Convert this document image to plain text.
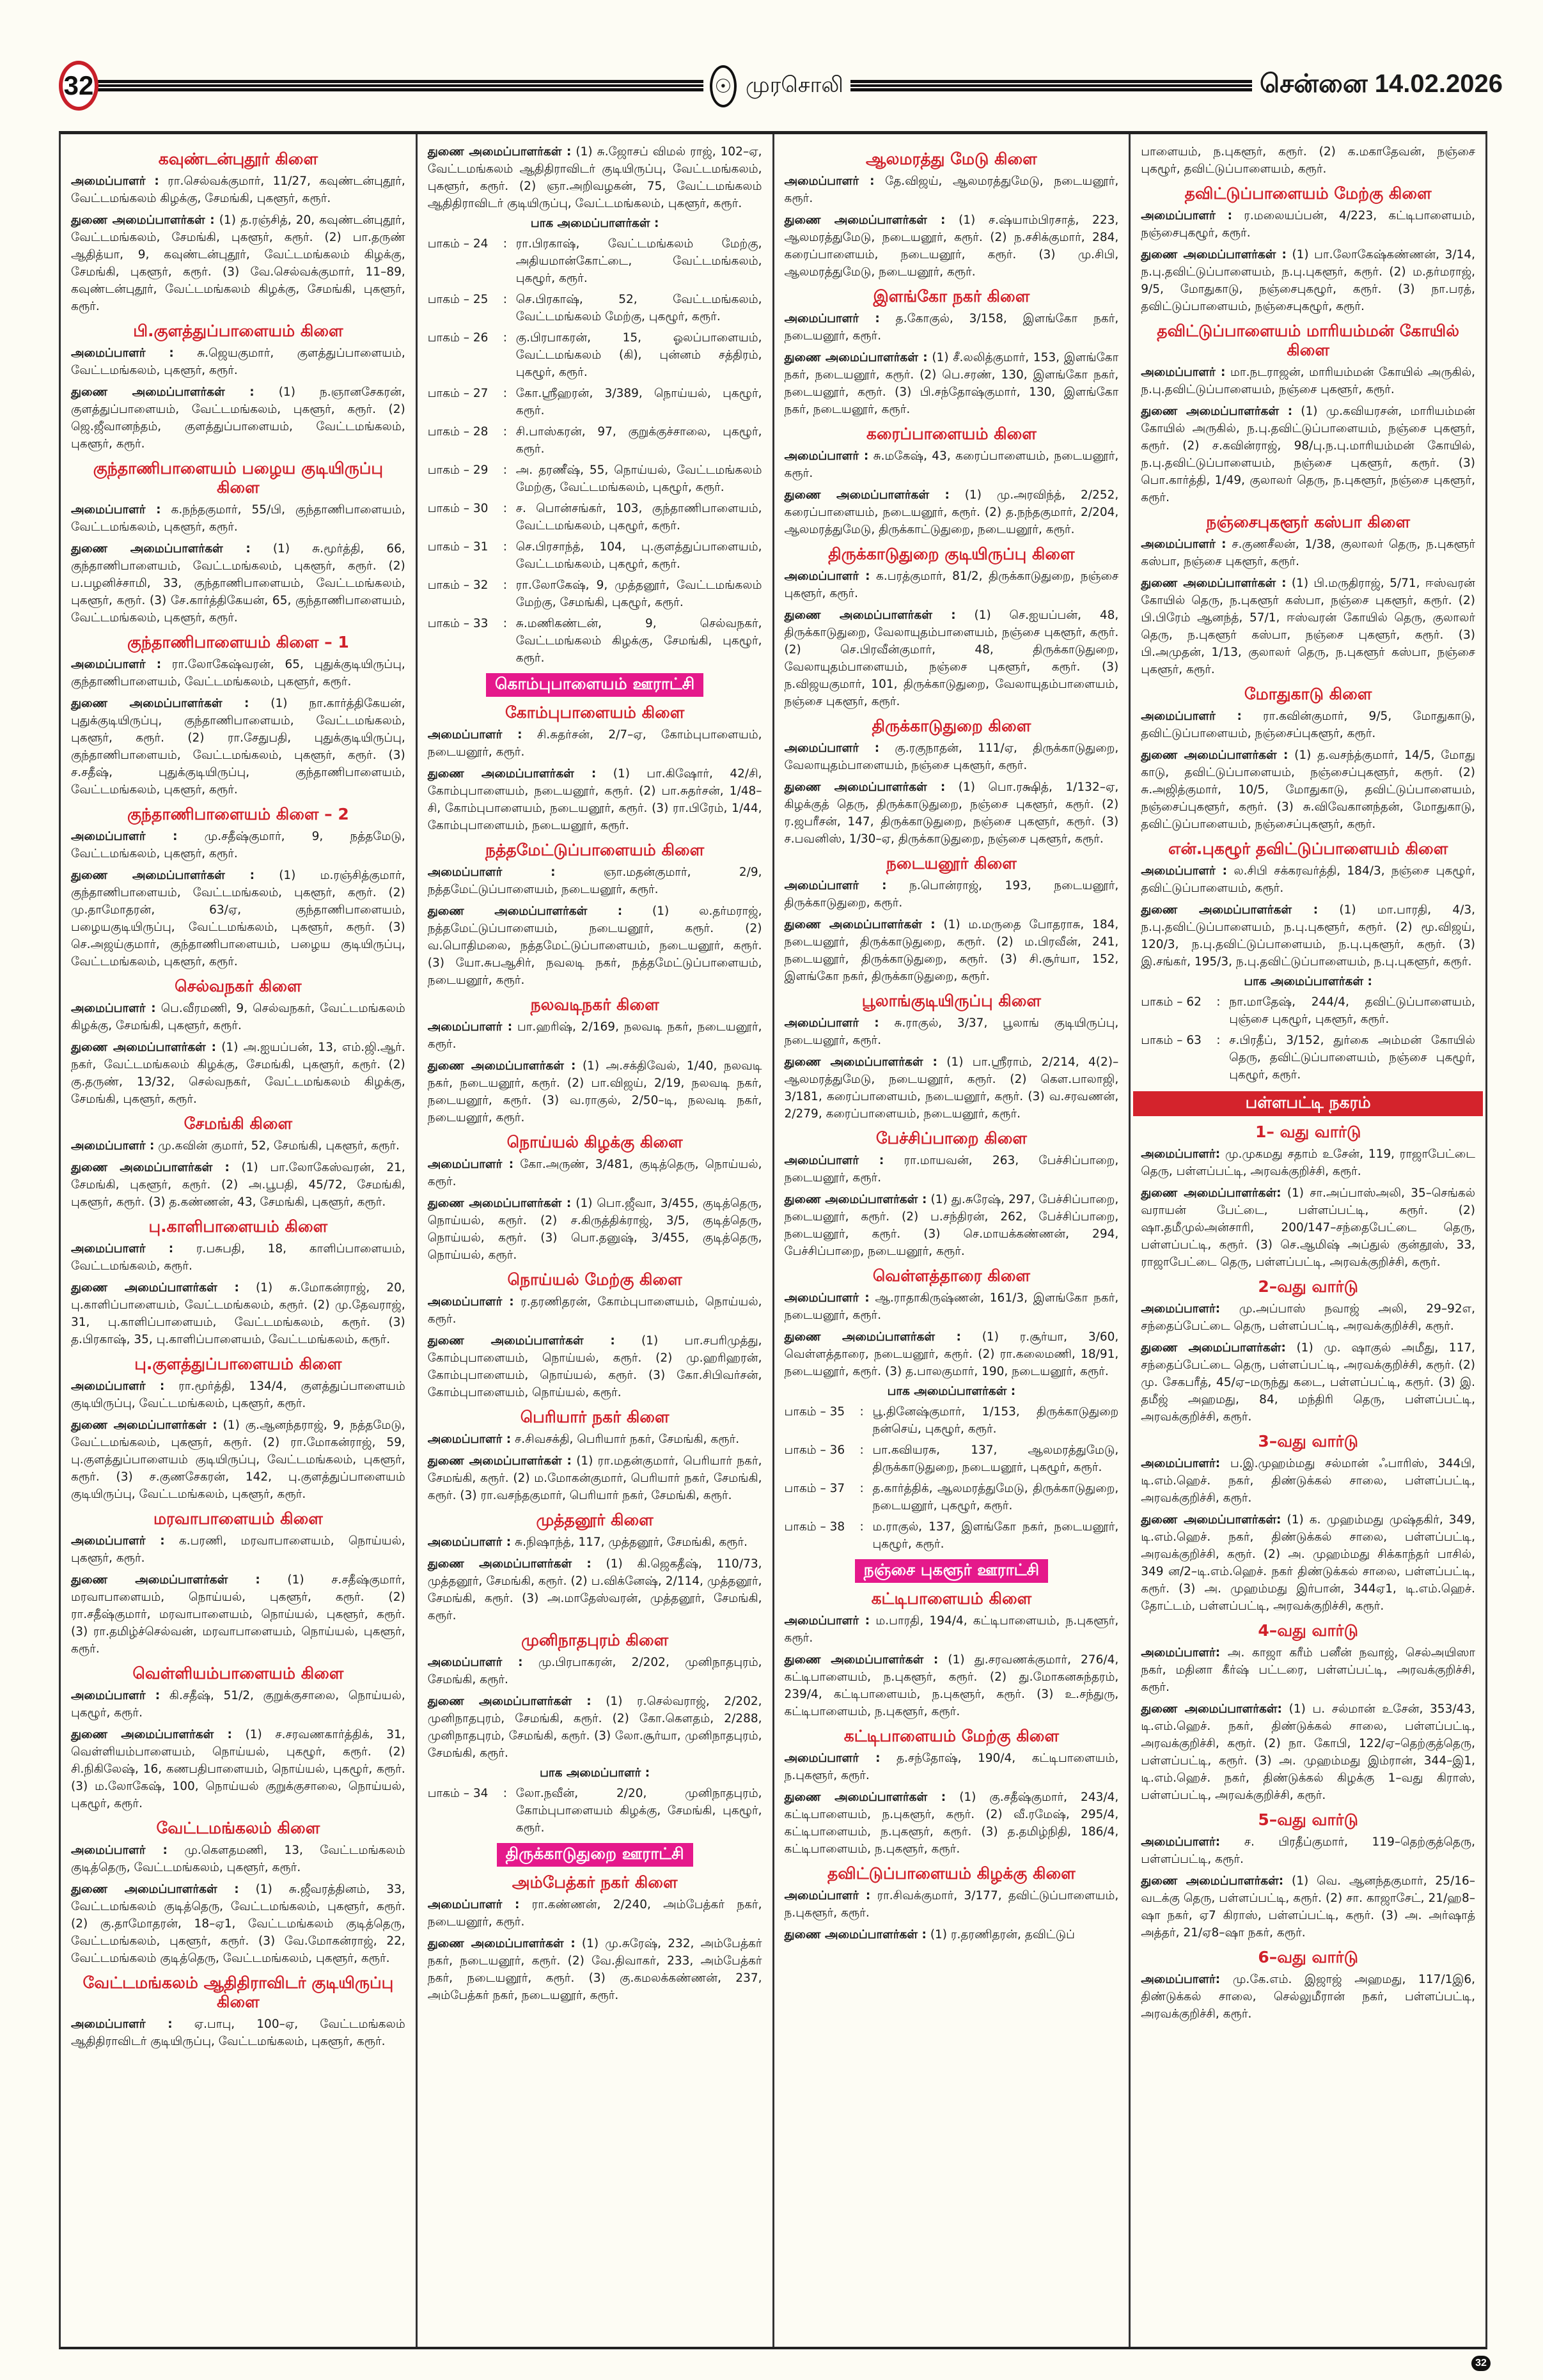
32	☉ முரசொலி	சென்னை 14.02.2026
கவுண்டன்புதூர் கிளை

அமைப்பாளர் : ரா.செல்வக்குமார், 11/27, கவுண்டன்புதூர், வேட்டமங்கலம் கிழக்கு, சேமங்கி, புகளூர், கரூர்.

துணை அமைப்பாளர்கள் : (1) த.ரஞ்சித், 20, கவுண்டன்புதூர், வேட்டமங்கலம், சேமங்கி, புகளூர், கரூர். (2) பா.தருண் ஆதித்யா, 9, கவுண்டன்புதூர், வேட்டமங்கலம் கிழக்கு, சேமங்கி, புகளூர், கரூர். (3) வே.செல்வக்குமார், 11–89, கவுண்டன்புதூர், வேட்டமங்கலம் கிழக்கு, சேமங்கி, புகளூர், கரூர்.

பி.குளத்துப்பாளையம் கிளை

அமைப்பாளர் : சு.ஜெயகுமார், குளத்துப்பாளையம், வேட்டமங்கலம், புகளூர், கரூர்.

துணை அமைப்பாளர்கள் : (1) ந.ஞானசேகரன், குளத்துப்பாளையம், வேட்டமங்கலம், புகளூர், கரூர். (2) ஜெ.ஜீவானந்தம், குளத்துப்பாளையம், வேட்டமங்கலம், புகளூர், கரூர்.

குந்தாணிபாளையம் பழைய குடியிருப்பு கிளை

அமைப்பாளர் : க.நந்தகுமார், 55/பி, குந்தாணிபாளையம், வேட்டமங்கலம், புகளூர், கரூர்.

துணை அமைப்பாளர்கள் : (1) சு.மூர்த்தி, 66, குந்தாணிபாளையம், வேட்டமங்கலம், புகளூர், கரூர். (2) ப.பழனிச்சாமி, 33, குந்தாணிபாளையம், வேட்டமங்கலம், புகளூர், கரூர். (3) சே.கார்த்திகேயன், 65, குந்தாணிபாளையம், வேட்டமங்கலம், புகளூர், கரூர்.

குந்தாணிபாளையம் கிளை – 1

அமைப்பாளர் : ரா.லோகேஷ்வரன், 65, புதுக்குடியிருப்பு, குந்தாணிபாளையம், வேட்டமங்கலம், புகளூர், கரூர்.

துணை அமைப்பாளர்கள் : (1) நா.கார்த்திகேயன், புதுக்குடியிருப்பு, குந்தாணிபாளையம், வேட்டமங்கலம், புகளூர், கரூர். (2) ரா.சேதுபதி, புதுக்குடியிருப்பு, குந்தாணிபாளையம், வேட்டமங்கலம், புகளூர், கரூர். (3) ச.சதீஷ், புதுக்குடியிருப்பு, குந்தாணிபாளையம், வேட்டமங்கலம், புகளூர், கரூர்.

குந்தாணிபாளையம் கிளை – 2

அமைப்பாளர் : மு.சதீஷ்குமார், 9, நத்தமேடு, வேட்டமங்கலம், புகளூர், கரூர்.

துணை அமைப்பாளர்கள் : (1) ம.ரஞ்சித்குமார், குந்தாணிபாளையம், வேட்டமங்கலம், புகளூர், கரூர். (2) மு.தாமோதரன், 63/ஏ, குந்தாணிபாளையம், பழையகுடியிருப்பு, வேட்டமங்கலம், புகளூர், கரூர். (3) செ.அஜய்குமார், குந்தாணிபாளையம், பழைய குடியிருப்பு, வேட்டமங்கலம், புகளூர், கரூர்.

செல்வநகர் கிளை

அமைப்பாளர் : பெ.வீரமணி, 9, செல்வநகர், வேட்டமங்கலம் கிழக்கு, சேமங்கி, புகளூர், கரூர்.

துணை அமைப்பாளர்கள் : (1) அ.ஐயப்பன், 13, எம்.ஜி.ஆர். நகர், வேட்டமங்கலம் கிழக்கு, சேமங்கி, புகளூர், கரூர். (2) கு.தருண், 13/32, செல்வநகர், வேட்டமங்கலம் கிழக்கு, சேமங்கி, புகளூர், கரூர்.

சேமங்கி கிளை

அமைப்பாளர் : மு.கவின் குமார், 52, சேமங்கி, புகளூர், கரூர்.

துணை அமைப்பாளர்கள் : (1) பா.லோகேஸ்வரன், 21, சேமங்கி, புகளூர், கரூர். (2) அ.பூபதி, 45/72, சேமங்கி, புகளூர், கரூர். (3) த.கண்ணன், 43, சேமங்கி, புகளூர், கரூர்.

பு.காளிபாளையம் கிளை

அமைப்பாளர் : ர.பசுபதி, 18, காளிப்பாளையம், வேட்டமங்கலம், கரூர்.

துணை அமைப்பாளர்கள் : (1) சு.மோகன்ராஜ், 20, பு.காளிப்பாளையம், வேட்டமங்கலம், கரூர். (2) மு.தேவராஜ், 31, பு.காளிப்பாளையம், வேட்டமங்கலம், கரூர். (3) த.பிரகாஷ், 35, பு.காளிப்பாளையம், வேட்டமங்கலம், கரூர்.

பு.குளத்துப்பாளையம் கிளை

அமைப்பாளர் : ரா.மூர்த்தி, 134/4, குளத்துப்பாளையம் குடியிருப்பு, வேட்டமங்கலம், புகளூர், கரூர்.

துணை அமைப்பாளர்கள் : (1) கு.ஆனந்தராஜ், 9, நத்தமேடு, வேட்டமங்கலம், புகளூர், கரூர். (2) ரா.மோகன்ராஜ், 59, பு.குளத்துப்பாளையம் குடியிருப்பு, வேட்டமங்கலம், புகளூர், கரூர். (3) ச.குணசேகரன், 142, பு.குளத்துப்பாளையம் குடியிருப்பு, வேட்டமங்கலம், புகளூர், கரூர்.

மரவாபாளையம் கிளை

அமைப்பாளர் : க.பரணி, மரவாபாளையம், நொய்யல், புகளூர், கரூர்.

துணை அமைப்பாளர்கள் : (1) ச.சதீஷ்குமார், மரவாபாளையம், நொய்யல், புகளூர், கரூர். (2) ரா.சதீஷ்குமார், மரவாபாளையம், நொய்யல், புகளூர், கரூர். (3) ரா.தமிழ்ச்செல்வன், மரவாபாளையம், நொய்யல், புகளூர், கரூர்.

வெள்ளியம்பாளையம் கிளை

அமைப்பாளர் : கி.சதீஷ், 51/2, குறுக்குசாலை, நொய்யல், புகழூர், கரூர்.

துணை அமைப்பாளர்கள் : (1) ச.சரவணகார்த்திக், 31, வெள்ளியம்பாளையம், நொய்யல், புகழூர், கரூர். (2) சி.நிகிலேஷ், 16, கணபதிபாளையம், நொய்யல், புகழூர், கரூர். (3) ம.லோகேஷ், 100, நொய்யல் குறுக்குசாலை, நொய்யல், புகழூர், கரூர்.

வேட்டமங்கலம் கிளை

அமைப்பாளர் : மு.கௌதமணி, 13, வேட்டமங்கலம் குடித்தெரு, வேட்டமங்கலம், புகளூர், கரூர்.

துணை அமைப்பாளர்கள் : (1) சு.ஜீவரத்தினம், 33, வேட்டமங்கலம் குடித்தெரு, வேட்டமங்கலம், புகளூர், கரூர். (2) கு.தாமோதரன், 18–ஏ1, வேட்டமங்கலம் குடித்தெரு, வேட்டமங்கலம், புகளூர், கரூர். (3) வே.மோகன்ராஜ், 22, வேட்டமங்கலம் குடித்தெரு, வேட்டமங்கலம், புகளூர், கரூர்.

வேட்டமங்கலம் ஆதிதிராவிடர் குடியிருப்பு கிளை

அமைப்பாளர் : ஏ.பாபு, 100–ஏ, வேட்டமங்கலம் ஆதிதிராவிடர் குடியிருப்பு, வேட்டமங்கலம், புகளூர், கரூர்.

துணை அமைப்பாளர்கள் : (1) சு.ஜோசப் விமல் ராஜ், 102–ஏ, வேட்டமங்கலம் ஆதிதிராவிடர் குடியிருப்பு, வேட்டமங்கலம், புகளூர், கரூர். (2) ஞா.அறிவழகன், 75, வேட்டமங்கலம் ஆதிதிராவிடர் குடியிருப்பு, வேட்டமங்கலம், புகளூர், கரூர்.

பாக அமைப்பாளர்கள் :
பாகம் – 24	: ரா.பிரகாஷ், வேட்டமங்கலம் மேற்கு, அதியமான்கோட்டை, வேட்டமங்கலம், புகழூர், கரூர்.
பாகம் – 25	: செ.பிரகாஷ், 52, வேட்டமங்கலம், வேட்டமங்கலம் மேற்கு, புகழூர், கரூர்.
பாகம் – 26	: கு.பிரபாகரன், 15, ஓலப்பாளையம், வேட்டமங்கலம் (கி), புன்னம் சத்திரம், புகழூர், கரூர்.
பாகம் – 27	: கோ.ஸ்ரீஹரன், 3/389, நொய்யல், புகழூர், கரூர்.
பாகம் – 28	: சி.பாஸ்கரன், 97, குறுக்குச்சாலை, புகழூர், கரூர்.
பாகம் – 29	: அ. தரணீஷ், 55, நொய்யல், வேட்டமங்கலம் மேற்கு, வேட்டமங்கலம், புகழூர், கரூர்.
பாகம் – 30	: ச. பொன்சங்கர், 103, குந்தாணிபாளையம், வேட்டமங்கலம், புகழூர், கரூர்.
பாகம் – 31	: செ.பிரசாந்த், 104, பு.குளத்துப்பாளையம், வேட்டமங்கலம், புகழூர், கரூர்.
பாகம் – 32	: ரா.லோகேஷ், 9, முத்தனூர், வேட்டமங்கலம் மேற்கு, சேமங்கி, புகழூர், கரூர்.
பாகம் – 33	: சு.மணிகண்டன், 9, செல்வநகர், வேட்டமங்கலம் கிழக்கு, சேமங்கி, புகழூர், கரூர்.
கொம்புபாளையம் ஊராட்சி
கோம்புபாளையம் கிளை

அமைப்பாளர் : சி.சுதர்சன், 2/7–ஏ, கோம்புபாளையம், நடையனூர், கரூர்.

துணை அமைப்பாளர்கள் : (1) பா.கிஷோர், 42/சி, கோம்புபாளையம், நடையனூர், கரூர். (2) பா.சுதர்சன், 1/48–சி, கோம்புபாளையம், நடையனூர், கரூர். (3) ரா.பிரேம், 1/44, கோம்புபாளையம், நடையனூர், கரூர்.

நத்தமேட்டுப்பாளையம் கிளை

அமைப்பாளர் :	ஞா.மதன்குமார், 2/9, நத்தமேட்டுப்பாளையம், நடையனூர், கரூர்.

துணை அமைப்பாளர்கள் :	(1) ல.தர்மராஜ், நத்தமேட்டுப்பாளையம், நடையனூர், கரூர். (2) வ.பொதிமலை, நத்தமேட்டுப்பாளையம், நடையனூர், கரூர். (3) யோ.சுபஆசிர், நவலடி நகர், நத்தமேட்டுப்பாளையம், நடையனூர், கரூர்.

நலவடிநகர் கிளை

அமைப்பாளர் : பா.ஹரிஷ், 2/169, நலவடி நகர், நடையனூர், கரூர்.

துணை அமைப்பாளர்கள் : (1) அ.சக்திவேல், 1/40, நலவடி நகர், நடையனூர், கரூர். (2) பா.விஜய், 2/19, நலவடி நகர், நடையனூர், கரூர். (3) வ.ராகுல், 2/50–டி, நலவடி நகர், நடையனூர், கரூர்.

நொய்யல் கிழக்கு கிளை

அமைப்பாளர் : கோ.அருண், 3/481, குடித்தெரு, நொய்யல், கரூர்.

துணை அமைப்பாளர்கள் : (1) பொ.ஜீவா, 3/455, குடித்தெரு, நொய்யல், கரூர். (2) ச.கிருத்திக்ராஜ், 3/5, குடித்தெரு, நொய்யல், கரூர். (3) பொ.தனுஷ், 3/455, குடித்தெரு, நொய்யல், கரூர்.

நொய்யல் மேற்கு கிளை

அமைப்பாளர் : ர.தரணிதரன், கோம்புபாளையம், நொய்யல், கரூர்.

துணை அமைப்பாளர்கள் : (1) பா.சபரிமுத்து, கோம்புபாளையம், நொய்யல், கரூர். (2) மு.ஹரிஹரன், கோம்புபாளையம், நொய்யல், கரூர். (3) கோ.சிபிவர்சன், கோம்புபாளையம், நொய்யல், கரூர்.

பெரியார் நகர் கிளை

அமைப்பாளர் : ச.சிவசக்தி, பெரியார் நகர், சேமங்கி, கரூர்.

துணை அமைப்பாளர்கள் : (1) ரா.மதன்குமார், பெரியார் நகர், சேமங்கி, கரூர். (2) ம.மோகன்குமார், பெரியார் நகர், சேமங்கி, கரூர். (3) ரா.வசந்தகுமார், பெரியார் நகர், சேமங்கி, கரூர்.

முத்தனூர் கிளை

அமைப்பாளர் : சு.நிஷாந்த், 117, முத்தனூர், சேமங்கி, கரூர்.

துணை அமைப்பாளர்கள் : (1) கி.ஜெகதீஷ், 110/73, முத்தனூர், சேமங்கி, கரூர். (2) ப.விக்னேஷ், 2/114, முத்தனூர், சேமங்கி, கரூர். (3) அ.மாதேஸ்வரன், முத்தனூர், சேமங்கி, கரூர்.

முனிநாதபுரம் கிளை

அமைப்பாளர் : மு.பிரபாகரன், 2/202, முனிநாதபுரம், சேமங்கி, கரூர்.

துணை அமைப்பாளர்கள் : (1) ர.செல்வராஜ், 2/202, முனிநாதபுரம், சேமங்கி, கரூர். (2) கோ.கௌதம், 2/288, முனிநாதபுரம், சேமங்கி, கரூர். (3) லோ.சூர்யா, முனிநாதபுரம், சேமங்கி, கரூர்.

பாக அமைப்பாளர் :
பாகம் – 34	: லோ.நவீன், 2/20, முனிநாதபுரம், கோம்புபாளையம் கிழக்கு, சேமங்கி, புகழூர், கரூர்.
திருக்காடுதுறை ஊராட்சி
அம்பேத்கர் நகர் கிளை

அமைப்பாளர் : ரா.கண்ணன், 2/240, அம்பேத்கர் நகர், நடையனூர், கரூர்.

துணை அமைப்பாளர்கள் : (1) மு.சுரேஷ், 232, அம்பேத்கர் நகர், நடையனூர், கரூர். (2) வே.திவாகர், 233, அம்பேத்கர் நகர், நடையனூர், கரூர். (3) கு.கமலக்கண்ணன், 237, அம்பேத்கர் நகர், நடையனூர், கரூர்.

ஆலமரத்து மேடு கிளை

அமைப்பாளர் : தே.விஜய், ஆலமரத்துமேடு, நடையனூர், கரூர்.

துணை அமைப்பாளர்கள் : (1) ச.ஷ்யாம்பிரசாத், 223, ஆலமரத்துமேடு, நடையனூர், கரூர். (2) ந.சசிக்குமார், 284, கரைப்பாளையம், நடையனூர், கரூர். (3) மு.சிபி, ஆலமரத்துமேடு, நடையனூர், கரூர்.

இளங்கோ நகர் கிளை

அமைப்பாளர் : த.கோகுல், 3/158, இளங்கோ நகர், நடையனூர், கரூர்.

துணை அமைப்பாளர்கள் : (1) சீ.லலித்குமார், 153, இளங்கோ நகர், நடையனூர், கரூர். (2) பெ.சரண், 130, இளங்கோ நகர், நடையனூர், கரூர். (3) பி.சந்தோஷ்குமார், 130, இளங்கோ நகர், நடையனூர், கரூர்.

கரைப்பாளையம் கிளை

அமைப்பாளர் : சு.மகேஷ், 43, கரைப்பாளையம், நடையனூர், கரூர்.

துணை அமைப்பாளர்கள் : (1) மு.அரவிந்த், 2/252, கரைப்பாளையம், நடையனூர், கரூர். (2) த.நந்தகுமார், 2/204, ஆலமரத்துமேடு, திருக்காட்டுதுறை, நடையனூர், கரூர்.

திருக்காடுதுறை குடியிருப்பு கிளை

அமைப்பாளர் : க.பரத்குமார், 81/2, திருக்காடுதுறை, நஞ்சை புகளூர், கரூர்.

துணை அமைப்பாளர்கள் : (1) செ.ஐயப்பன், 48, திருக்காடுதுறை, வேலாயுதம்பாளையம், நஞ்சை புகளூர், கரூர். (2) செ.பிரவீன்குமார், 48, திருக்காடுதுறை, வேலாயுதம்பாளையம், நஞ்சை புகளூர், கரூர். (3) ந.விஜயகுமார், 101, திருக்காடுதுறை, வேலாயுதம்பாளையம், நஞ்சை புகளூர், கரூர்.

திருக்காடுதுறை கிளை

அமைப்பாளர் : கு.ரகுநாதன், 111/ஏ, திருக்காடுதுறை, வேலாயுதம்பாளையம், நஞ்சை புகளூர், கரூர்.

துணை அமைப்பாளர்கள் : (1) பொ.ரக்ஷித், 1/132–ஏ, கிழக்குத் தெரு, திருக்காடுதுறை, நஞ்சை புகளூர், கரூர். (2) ர.ஜபரீசன், 147, திருக்காடுதுறை, நஞ்சை புகளூர், கரூர். (3) ச.பவனிஸ், 1/30–ஏ, திருக்காடுதுறை, நஞ்சை புகளூர், கரூர்.

நடையனூர் கிளை

அமைப்பாளர் : ந.பொன்ராஜ், 193, நடையனூர், திருக்காடுதுறை, கரூர்.

துணை அமைப்பாளர்கள் : (1) ம.மருதை போதராசு, 184, நடையனூர், திருக்காடுதுறை, கரூர். (2) ம.பிரவீன், 241, நடையனூர், திருக்காடுதுறை, கரூர். (3) சி.சூர்யா, 152, இளங்கோ நகர், திருக்காடுதுறை, கரூர்.

பூலாங்குடியிருப்பு கிளை

அமைப்பாளர் : சு.ராகுல், 3/37, பூலாங் குடியிருப்பு, நடையனூர், கரூர்.

துணை அமைப்பாளர்கள் : (1) பா.ஸ்ரீராம், 2/214, 4(2)–ஆலமரத்துமேடு, நடையனூர், கரூர். (2) கௌ.பாலாஜி, 3/181, கரைப்பாளையம், நடையனூர், கரூர். (3) வ.சரவணன், 2/279, கரைப்பாளையம், நடையனூர், கரூர்.

பேச்சிப்பாறை கிளை

அமைப்பாளர் : ரா.மாயவன், 263, பேச்சிப்பாறை, நடையனூர், கரூர்.

துணை அமைப்பாளர்கள் : (1) து.சுரேஷ், 297, பேச்சிப்பாறை, நடையனூர், கரூர். (2) ப.சந்திரன், 262, பேச்சிப்பாறை, நடையனூர், கரூர். (3) செ.மாயக்கண்ணன், 294, பேச்சிப்பாறை, நடையனூர், கரூர்.

வெள்ளத்தாரை கிளை

அமைப்பாளர் : ஆ.ராதாகிருஷ்ணன், 161/3, இளங்கோ நகர், நடையனூர், கரூர்.

துணை அமைப்பாளர்கள் : (1) ர.சூர்யா, 3/60, வெள்ளத்தாரை, நடையனூர், கரூர். (2) ரா.கலைமணி, 18/91, நடையனூர், கரூர். (3) த.பாலகுமார், 190, நடையனூர், கரூர்.

பாக அமைப்பாளர்கள் :
பாகம் – 35	: பூ.தினேஷ்குமார், 1/153, திருக்காடுதுறை நன்செய், புகழூர், கரூர்.
பாகம் – 36	: பா.கவியரசு, 137, ஆலமரத்துமேடு, திருக்காடுதுறை, நடையனூர், புகழூர், கரூர்.
பாகம் – 37	: த.கார்த்திக், ஆலமரத்துமேடு, திருக்காடுதுறை, நடையனூர், புகழூர், கரூர்.
பாகம் – 38	: ம.ராகுல், 137, இளங்கோ நகர், நடையனூர், புகழூர், கரூர்.
நஞ்சை புகளூர் ஊராட்சி
கட்டிபாளையம் கிளை

அமைப்பாளர் : ம.பாரதி, 194/4, கட்டிபாளையம், ந.புகளூர், கரூர்.

துணை அமைப்பாளர்கள் : (1) து.சரவணக்குமார், 276/4, கட்டிபாளையம், ந.புகளூர், கரூர். (2) து.மோகனசுந்தரம், 239/4, கட்டிபாளையம், ந.புகளூர், கரூர். (3) உ.சந்துரு, கட்டிபாளையம், ந.புகளூர், கரூர்.

கட்டிபாளையம் மேற்கு கிளை

அமைப்பாளர் : த.சந்தோஷ், 190/4, கட்டிபாளையம், ந.புகளூர், கரூர்.

துணை அமைப்பாளர்கள் : (1) கு.சதீஷ்குமார், 243/4, கட்டிபாளையம், ந.புகளூர், கரூர். (2) வீ.ரமேஷ், 295/4, கட்டிபாளையம், ந.புகளூர், கரூர். (3) த.தமிழ்நிதி, 186/4, கட்டிபாளையம், ந.புகளூர், கரூர்.

தவிட்டுப்பாளையம் கிழக்கு கிளை

அமைப்பாளர் : ரா.சிவக்குமார், 3/177, தவிட்டுப்பாளையம், ந.புகளூர், கரூர்.

துணை அமைப்பாளர்கள் : (1) ர.தரணிதரன், தவிட்டுப்

பாளையம், ந.புகளூர், கரூர். (2) க.மகாதேவன், நஞ்சை புகழூர், தவிட்டுப்பாளையம், கரூர்.

தவிட்டுப்பாளையம் மேற்கு கிளை

அமைப்பாளர் : ர.மலையப்பன், 4/223, கட்டிபாளையம், நஞ்சைபுகழூர், கரூர்.

துணை அமைப்பாளர்கள் : (1) பா.லோகேஷ்கண்ணன், 3/14, ந.பு.தவிட்டுப்பாளையம், ந.பு.புகளூர், கரூர். (2) ம.தர்மராஜ், 9/5, மோதுகாடு, நஞ்சைபுகழூர், கரூர். (3) நா.பரத், தவிட்டுப்பாளையம், நஞ்சைபுகழூர், கரூர்.

தவிட்டுப்பாளையம் மாரியம்மன் கோயில் கிளை

அமைப்பாளர் : மா.நடராஜன், மாரியம்மன் கோயில் அருகில், ந.பு.தவிட்டுப்பாளையம், நஞ்சை புகளூர், கரூர்.

துணை அமைப்பாளர்கள் : (1) மு.கவியரசன், மாரியம்மன் கோயில் அருகில், ந.பு.தவிட்டுப்பாளையம், நஞ்சை புகளூர், கரூர். (2) ச.கவின்ராஜ், 98/பு.ந.பு.மாரியம்மன் கோயில், ந.பு.தவிட்டுப்பாளையம், நஞ்சை புகளூர், கரூர். (3) பொ.கார்த்தி, 1/49, குலாலர் தெரு, ந.புகளூர், நஞ்சை புகளூர், கரூர்.

நஞ்சைபுகளூர் கஸ்பா கிளை

அமைப்பாளர் : ச.குணசீலன், 1/38, குலாலர் தெரு, ந.புகளூர் கஸ்பா, நஞ்சை புகளூர், கரூர்.

துணை அமைப்பாளர்கள் : (1) பி.மருதிராஜ், 5/71, ஈஸ்வரன் கோயில் தெரு, ந.புகளூர் கஸ்பா, நஞ்சை புகளூர், கரூர். (2) பி.பிரேம் ஆனந்த், 57/1, ஈஸ்வரன் கோயில் தெரு, குலாலர் தெரு, ந.புகளூர் கஸ்பா, நஞ்சை புகளூர், கரூர். (3) பி.அமுதன், 1/13, குலாலர் தெரு, ந.புகளூர் கஸ்பா, நஞ்சை புகளூர், கரூர்.

மோதுகாடு கிளை

அமைப்பாளர் : ரா.கவின்குமார், 9/5, மோதுகாடு, தவிட்டுப்பாளையம், நஞ்சைப்புகளூர், கரூர்.

துணை அமைப்பாளர்கள் : (1) த.வசந்த்குமார், 14/5, மோது காடு, தவிட்டுப்பாளையம், நஞ்சைப்புகளூர், கரூர். (2) சு.அஜித்குமார், 10/5, மோதுகாடு, தவிட்டுப்பாளையம், நஞ்சைப்புகளூர், கரூர். (3) சு.விவேகானந்தன், மோதுகாடு, தவிட்டுப்பாளையம், நஞ்சைப்புகளூர், கரூர்.

என்.புகழூர் தவிட்டுப்பாளையம் கிளை

அமைப்பாளர் : ல.சிபி சக்கரவர்த்தி, 184/3, நஞ்சை புகழூர், தவிட்டுப்பாளையம், கரூர்.

துணை அமைப்பாளர்கள் : (1) மா.பாரதி, 4/3, ந.பு.தவிட்டுப்பாளையம், ந.பு.புகளூர், கரூர். (2) மூ.விஜய், 120/3, ந.பு.தவிட்டுப்பாளையம், ந.பு.புகளூர், கரூர். (3) இ.சங்கர், 195/3, ந.பு.தவிட்டுப்பாளையம், ந.பு.புகளூர், கரூர்.

பாக அமைப்பாளர்கள் :
பாகம் – 62	: நா.மாதேஷ், 244/4, தவிட்டுப்பாளையம், புஞ்சை புகழூர், புகளூர், கரூர்.
பாகம் – 63	: ச.பிரதீப், 3/152, துர்கை அம்மன் கோயில் தெரு, தவிட்டுப்பாளையம், நஞ்சை புகழூர், புகழூர், கரூர்.
பள்ளபட்டி நகரம்
1– வது வார்டு

அமைப்பாளர்: மு.முகமது சதாம் உசேன், 119, ராஜாபேட்டை தெரு, பள்ளப்பட்டி, அரவக்குறிச்சி, கரூர்.

துணை அமைப்பாளர்கள்: (1) சா.அப்பாஸ்அலி, 35–செங்கல் வராயன் பேட்டை, பள்ளப்பட்டி, கரூர். (2) ஷா.தமீமுல்அன்சாரி, 200/147–சந்தைபேட்டை தெரு, பள்ளப்பட்டி, கரூர். (3) செ.ஆமிஷ் அப்துல் குன்தூஸ், 33, ராஜாபேட்டை தெரு, பள்ளப்பட்டி, அரவக்குறிச்சி, கரூர்.

2–வது வார்டு

அமைப்பாளர்: மு.அப்பாஸ் நவாஜ் அலி, 29–92எ, சந்தைப்பேட்டை தெரு, பள்ளப்பட்டி, அரவக்குறிச்சி, கரூர்.

துணை அமைப்பாளர்கள்: (1) மு. ஷாகுல் அமீது, 117, சந்தைப்பேட்டை தெரு, பள்ளப்பட்டி, அரவக்குறிச்சி, கரூர். (2) மு. சேகபரீத், 45/ஏ–மருந்து கடை, பள்ளப்பட்டி, கரூர். (3) இ. தமீஜ் அஹமது, 84, மந்திரி தெரு, பள்ளப்பட்டி, அரவக்குறிச்சி, கரூர்.

3–வது வார்டு

அமைப்பாளர்: ப.இ.முஹம்மது சல்மான் ஃபாரிஸ், 344பி, டி.எம்.ஹெச். நகர், திண்டுக்கல் சாலை, பள்ளப்பட்டி, அரவக்குறிச்சி, கரூர்.

துணை அமைப்பாளர்கள்: (1) க. முஹம்மது முஷ்தகிர், 349, டி.எம்.ஹெச். நகர், திண்டுக்கல் சாலை, பள்ளப்பட்டி, அரவக்குறிச்சி, கரூர். (2) அ. முஹம்மது சிக்காந்தர் பாசில், 349 ன/2–டி.எம்.ஹெச். நகர் திண்டுக்கல் சாலை, பள்ளப்பட்டி, கரூர். (3) அ. முஹம்மது இர்பான், 344ஏ1, டி.எம்.ஹெச். தோட்டம், பள்ளப்பட்டி, அரவக்குறிச்சி, கரூர்.

4–வது வார்டு

அமைப்பாளர்: அ. காஜா கரீம் பனீன் நவாஜ், செல்அயிஸா நகர், மதினா கீர்ஷ் பட்டரை, பள்ளப்பட்டி, அரவக்குறிச்சி, கரூர்.

துணை அமைப்பாளர்கள்: (1) ப. சல்மான் உசேன், 353/43, டி.எம்.ஹெச். நகர், திண்டுக்கல் சாலை, பள்ளப்பட்டி, அரவக்குறிச்சி, கரூர். (2) நா. கோபி, 122/ஏ–தெற்குத்தெரு, பள்ளப்பட்டி, கரூர். (3) அ. முஹம்மது இம்ரான், 344–இ1, டி.எம்.ஹெச். நகர், திண்டுக்கல் கிழக்கு 1–வது கிராஸ், பள்ளப்பட்டி, அரவக்குறிச்சி, கரூர்.

5–வது வார்டு

அமைப்பாளர்: ச. பிரதீப்குமார், 119–தெற்குத்தெரு, பள்ளப்பட்டி, கரூர்.

துணை அமைப்பாளர்கள்: (1) வெ. ஆனந்தகுமார், 25/16–வடக்கு தெரு, பள்ளப்பட்டி, கரூர். (2) சா. காஜாசேட், 21/ஹ8–ஷா நகர், ஏ7 கிராஸ், பள்ளப்பட்டி, கரூர். (3) அ. அர்ஷாத் அத்தர், 21/ஏ8–ஷா நகர், கரூர்.

6–வது வார்டு

அமைப்பாளர்: மு.கே.எம். இஜாஜ் அஹமது, 117/1இ6, திண்டுக்கல் சாலை, செல்லுமீரான் நகர், பள்ளப்பட்டி, அரவக்குறிச்சி, கரூர்.

32
